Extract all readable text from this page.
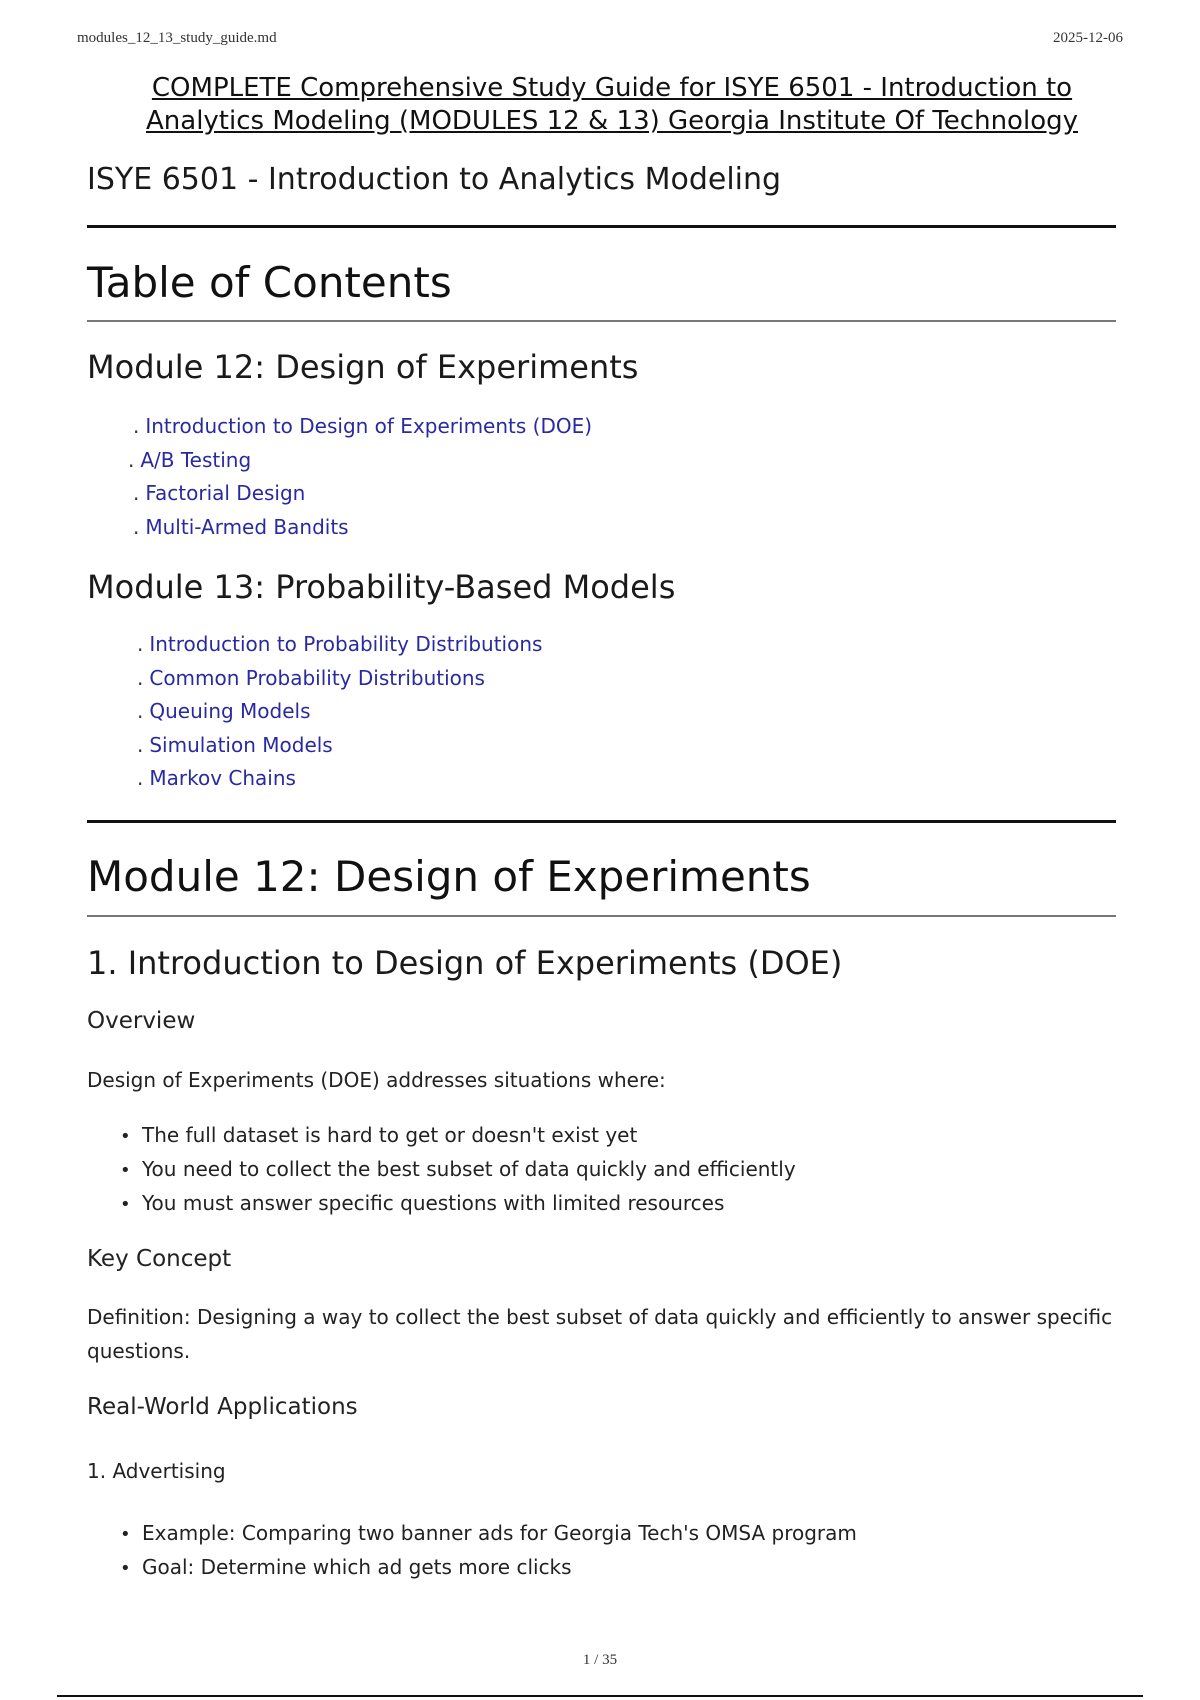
modules_12_13_study_guide.md	2025-12-06
COMPLETE Comprehensive Study Guide for ISYE 6501 - Introduction to Analytics Modeling (MODULES 12 & 13) Georgia Institute Of Technology
ISYE 6501 - Introduction to Analytics Modeling
Table of Contents
Module 12: Design of Experiments
. Introduction to Design of Experiments (DOE)
. A/B Testing
. Factorial Design
. Multi-Armed Bandits
Module 13: Probability-Based Models
. Introduction to Probability Distributions
. Common Probability Distributions
. Queuing Models
. Simulation Models
. Markov Chains
Module 12: Design of Experiments
1. Introduction to Design of Experiments (DOE)
Overview
Design of Experiments (DOE) addresses situations where:
• The full dataset is hard to get or doesn't exist yet
• You need to collect the best subset of data quickly and efficiently
• You must answer specific questions with limited resources
Key Concept
Definition: Designing a way to collect the best subset of data quickly and efficiently to answer specific
questions.
Real-World Applications
1. Advertising
• Example: Comparing two banner ads for Georgia Tech's OMSA program
• Goal: Determine which ad gets more clicks
1 / 35
